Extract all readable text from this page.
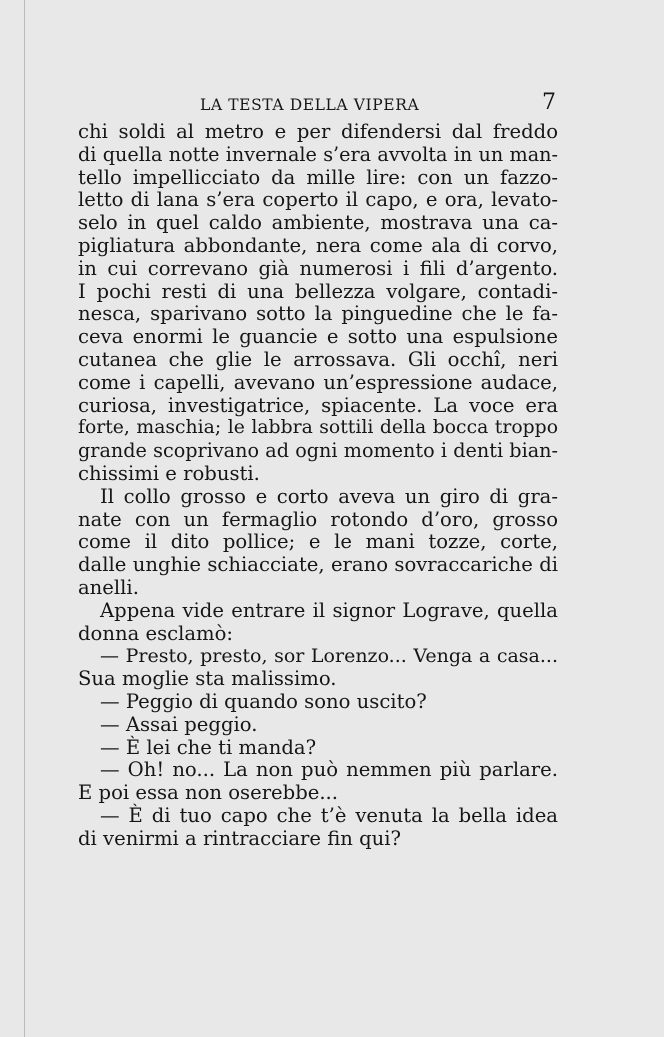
LA TESTA DELLA VIPERA	7
chi soldi al metro e per difendersi dal freddo
di quella notte invernale s’era avvolta in un man-
tello impellicciato da mille lire: con un fazzo-
letto di lana s’era coperto il capo, e ora, levato-
selo in quel caldo ambiente, mostrava una ca-
pigliatura abbondante, nera come ala di corvo,
in cui correvano già numerosi i fili d’argento.
I pochi resti di una bellezza volgare, contadi-
nesca, sparivano sotto la pinguedine che le fa-
ceva enormi le guancie e sotto una espulsione
cutanea che glie le arrossava. Gli occhî, neri
come i capelli, avevano un’espressione audace,
curiosa, investigatrice, spiacente. La voce era
forte, maschia; le labbra sottili della bocca troppo
grande scoprivano ad ogni momento i denti bian-
chissimi e robusti.
Il collo grosso e corto aveva un giro di gra-
nate con un fermaglio rotondo d’oro, grosso
come il dito pollice; e le mani tozze, corte,
dalle unghie schiacciate, erano sovraccariche di
anelli.
Appena vide entrare il signor Lograve, quella
donna esclamò:
— Presto, presto, sor Lorenzo... Venga a casa...
Sua moglie sta malissimo.
— Peggio di quando sono uscito?
— Assai peggio.
— È lei che ti manda?
— Oh! no... La non può nemmen più parlare.
E poi essa non oserebbe...
— È di tuo capo che t’è venuta la bella idea
di venirmi a rintracciare fin qui?
